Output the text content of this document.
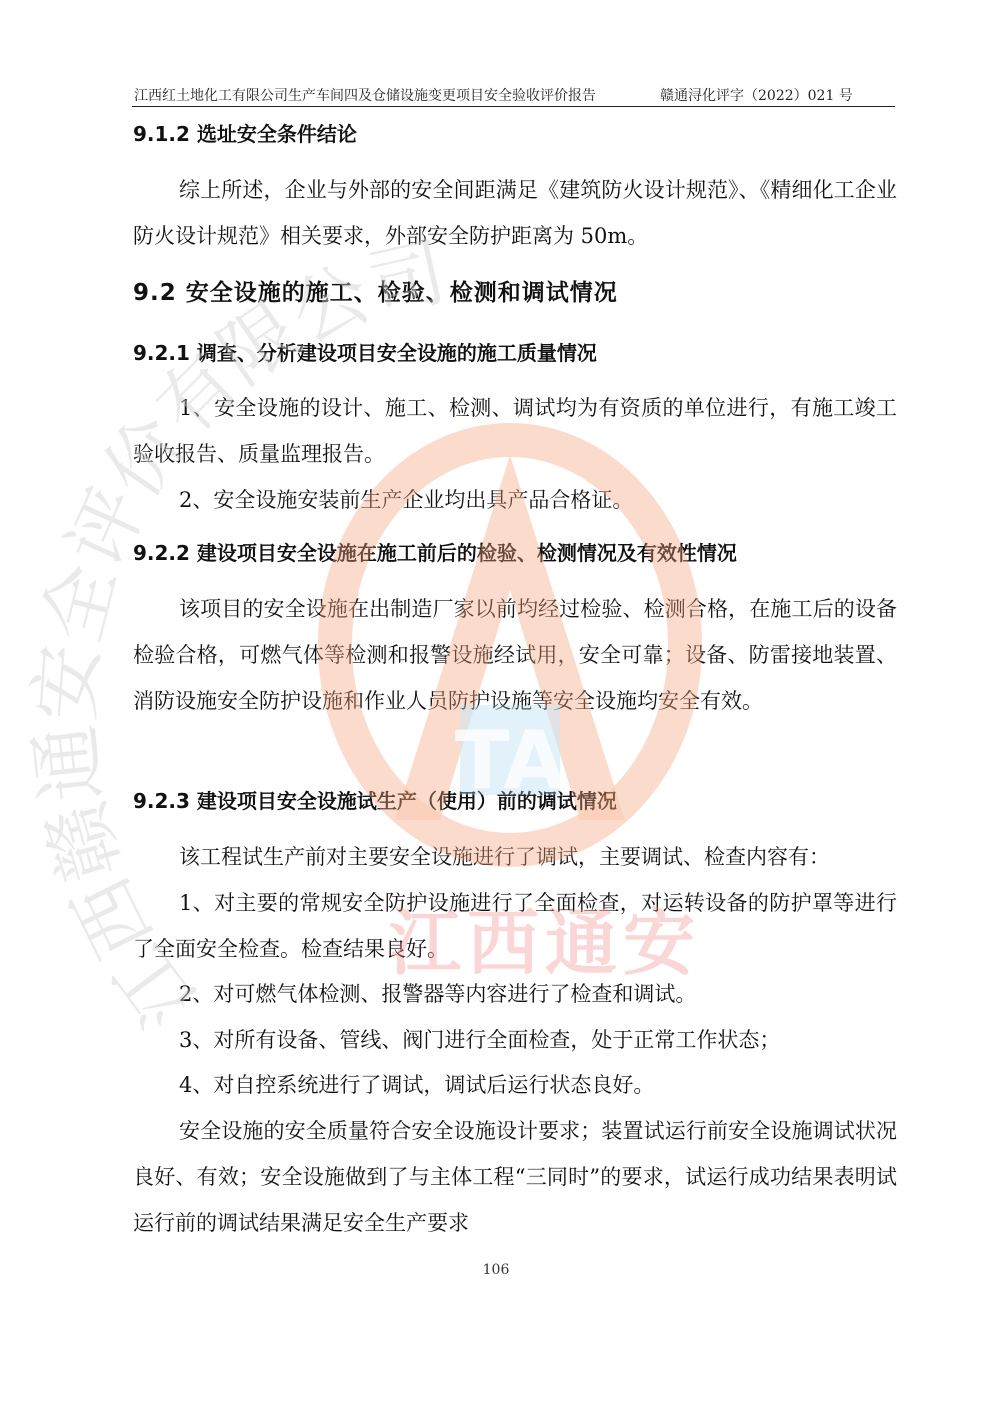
江西红土地化工有限公司生产车间四及仓储设施变更项目安全验收评价报告	赣通浔化评字（2022）021 号
9.1.2 选址安全条件结论
综上所述，企业与外部的安全间距满足《建筑防火设计规范》、《精细化工企业防火设计规范》相关要求，外部安全防护距离为 50m。
9.2 安全设施的施工、检验、检测和调试情况
9.2.1 调查、分析建设项目安全设施的施工质量情况
1、安全设施的设计、施工、检测、调试均为有资质的单位进行，有施工竣工验收报告、质量监理报告。
2、安全设施安装前生产企业均出具产品合格证。
9.2.2 建设项目安全设施在施工前后的检验、检测情况及有效性情况
该项目的安全设施在出制造厂家以前均经过检验、检测合格，在施工后的设备检验合格，可燃气体等检测和报警设施经试用，安全可靠；设备、防雷接地装置、消防设施安全防护设施和作业人员防护设施等安全设施均安全有效。
9.2.3 建设项目安全设施试生产（使用）前的调试情况
该工程试生产前对主要安全设施进行了调试，主要调试、检查内容有：
1、对主要的常规安全防护设施进行了全面检查，对运转设备的防护罩等进行了全面安全检查。检查结果良好。
2、对可燃气体检测、报警器等内容进行了检查和调试。
3、对所有设备、管线、阀门进行全面检查，处于正常工作状态；
4、对自控系统进行了调试，调试后运行状态良好。
安全设施的安全质量符合安全设施设计要求；装置试运行前安全设施调试状况良好、有效；安全设施做到了与主体工程“三同时”的要求，试运行成功结果表明试运行前的调试结果满足安全生产要求
106
TA
江西赣通安全评价有限公司
江西通安
